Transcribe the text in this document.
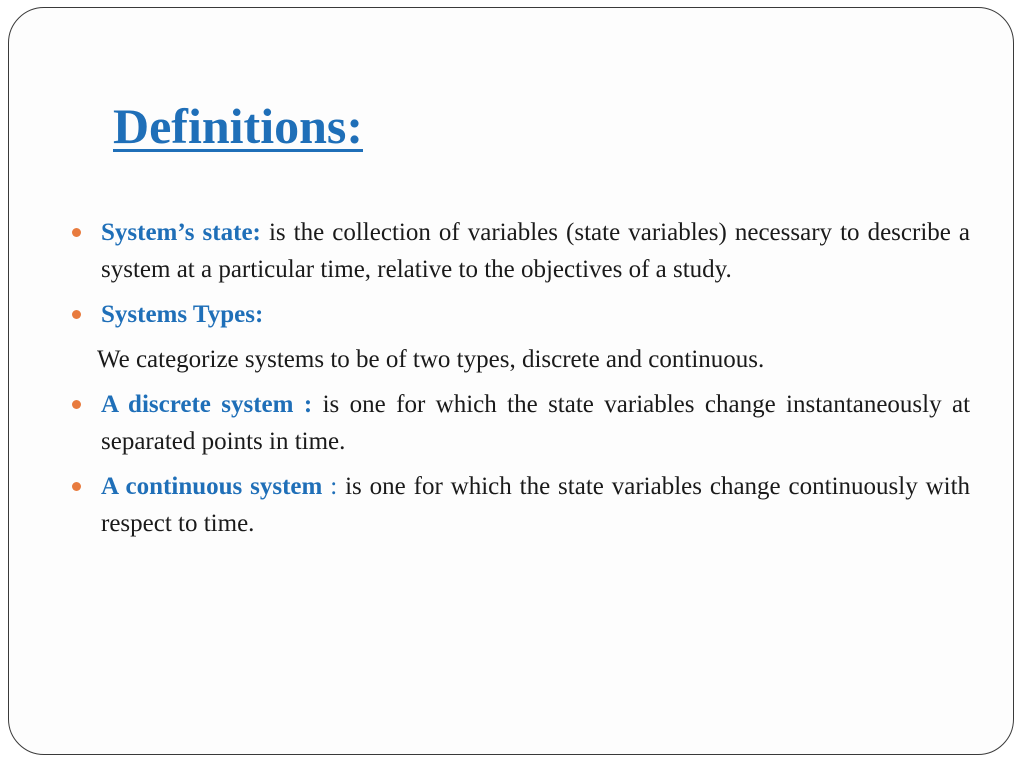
Definitions:

System’s state: is the collection of variables (state variables) necessary to describe a system at a particular time, relative to the objectives of a study.

Systems Types:

We categorize systems to be of two types, discrete and continuous.

A discrete system : is one for which the state variables change instantaneously at separated points in time.

A continuous system : is one for which the state variables change continuously with respect to time.
